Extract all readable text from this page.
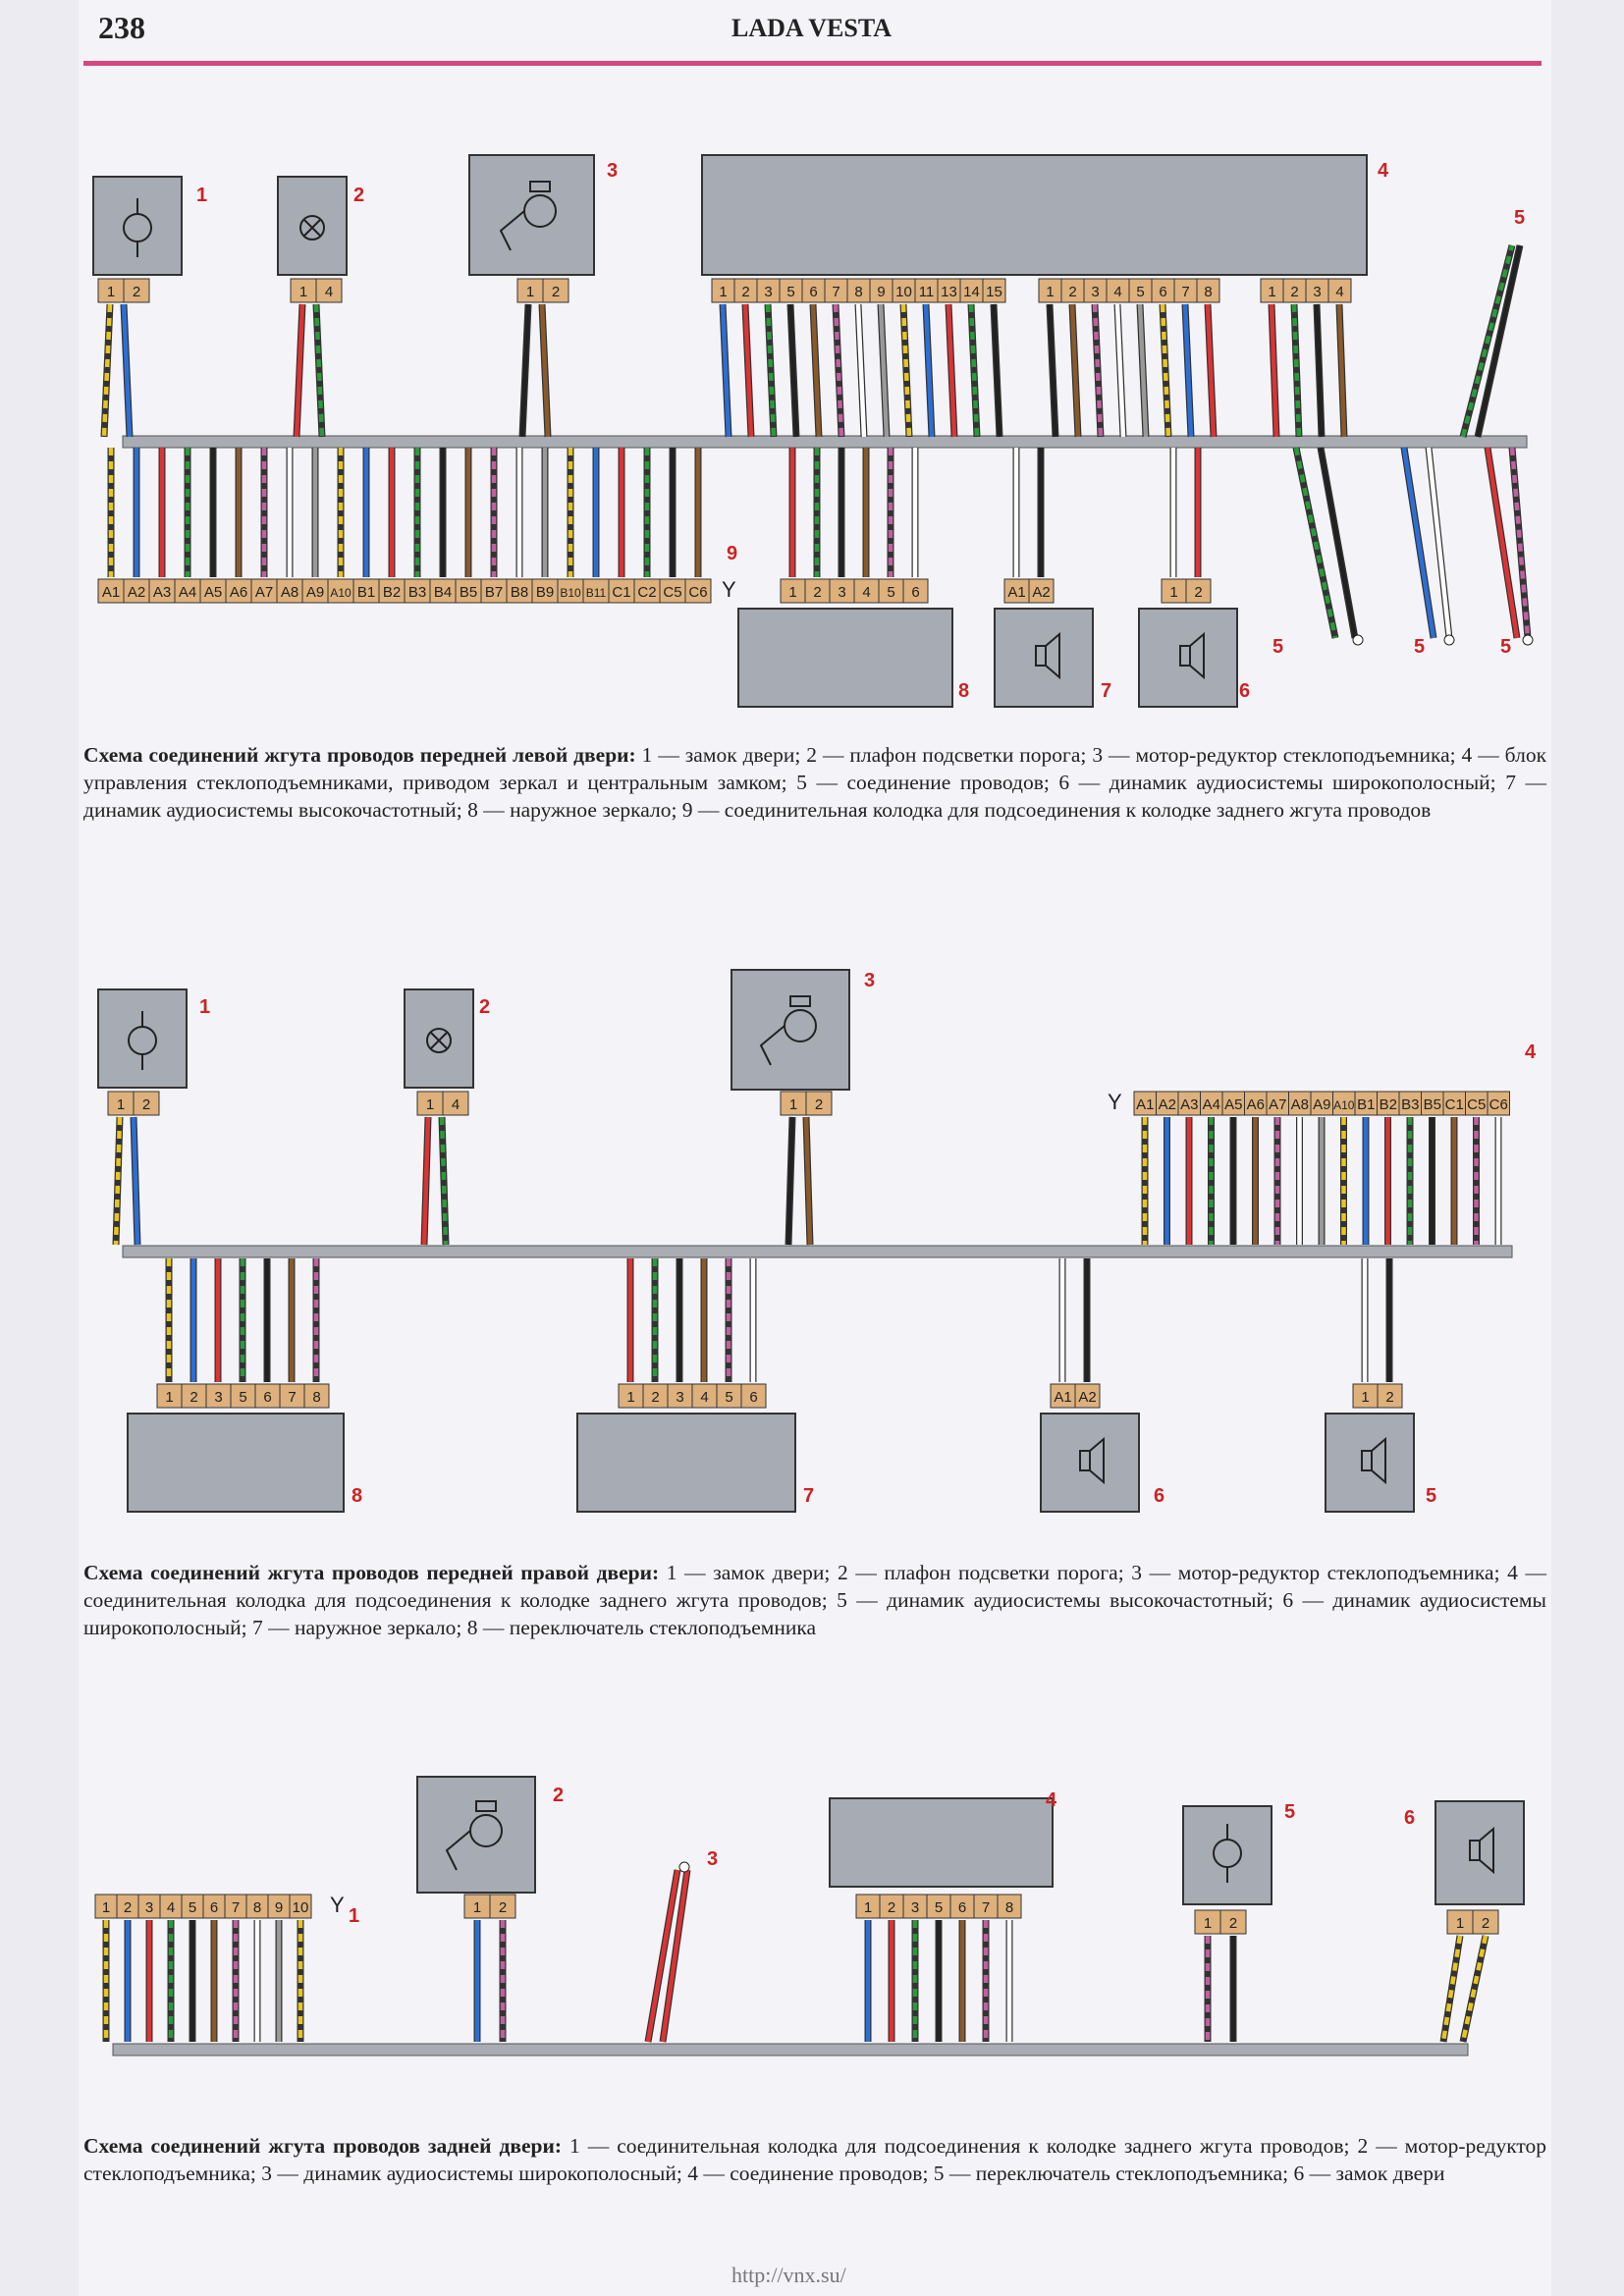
238	LADA VESTA
1 2
1
1 4
2
1 2
3	4
1 2 3 5 6 7 8 9 10 11 13 14 15	1 2 3 4 5 6 7 8	1 2 3 4
5
A1 A2 A3 A4 A5 A6 A7 A8 A9 A10 B1 B2 B3 B4 B5 B7 B8 B9 B10 B11 C1 C2 C5 C6 Y
9
1 2 3 4 5 6
8
A1 A2
7
1 2
6
5	5	5
1 2
1
1 4
2
1 2
3
A1 A2 A3 A4 A5 A6 A7 A8 A9 A10 B1 B2 B3 B5 C1 C5 C6
Y
4
1 2 3 5 6 7 8
8
1 2 3 4 5 6
7
A1 A2
6
1 2
5
1 2 3 4 5 6 7 8 9 10 Y 1	1 2
2
3
1 2 3 5 6 7 8
4
1 2
5
1 2
6
Схема соединений жгута проводов передней левой двери: 1 — замок двери; 2 — плафон подсветки порога; 3 — мотор-редуктор стеклоподъемника; 4 — блок управления стеклоподъемниками, приводом зеркал и центральным замком; 5 — соединение проводов; 6 — динамик аудиосистемы широкополосный; 7 — динамик аудиосистемы высокочастотный; 8 — наружное зеркало; 9 — соединительная колодка для подсоединения к колодке заднего жгута проводов
Схема соединений жгута проводов передней правой двери: 1 — замок двери; 2 — плафон подсветки порога; 3 — мотор-редуктор стеклоподъемника; 4 — соединительная колодка для подсоединения к колодке заднего жгута проводов; 5 — динамик аудиосистемы высокочастотный; 6 — динамик аудиосистемы широкополосный; 7 — наружное зеркало; 8 — переключатель стеклоподъемника
Схема соединений жгута проводов задней двери: 1 — соединительная колодка для подсоединения к колодке заднего жгута проводов; 2 — мотор-редуктор стеклоподъемника; 3 — динамик аудиосистемы широкополосный; 4 — соединение проводов; 5 — переключатель стеклоподъемника; 6 — замок двери
http://vnx.su/
